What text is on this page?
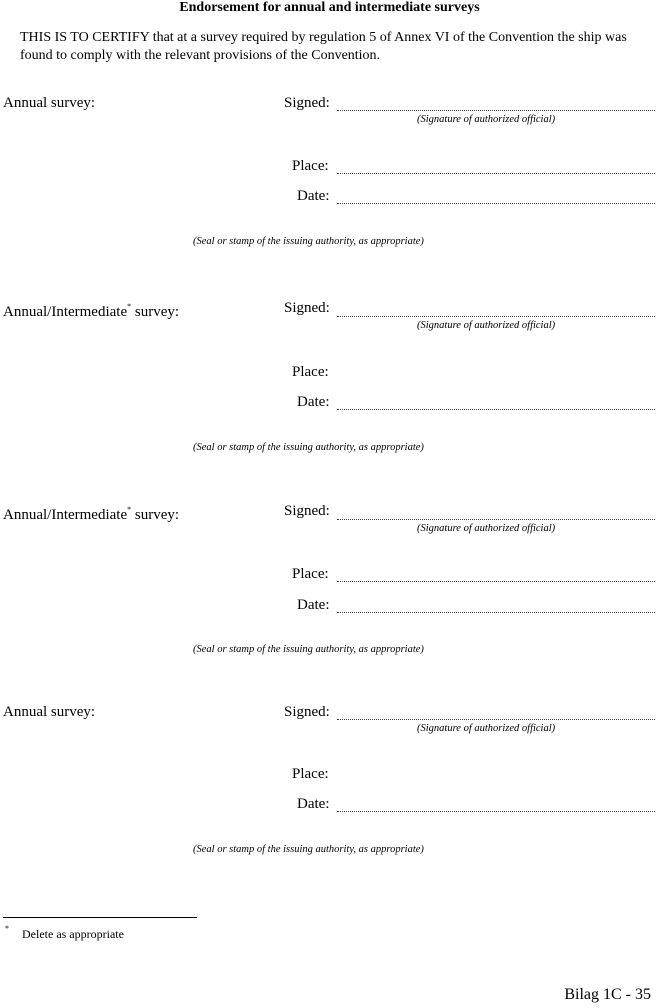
Endorsement for annual and intermediate surveys
THIS IS TO CERTIFY that at a survey required by regulation 5 of Annex VI of the Convention the ship was found to comply with the relevant provisions of the Convention.
Annual survey:	Signed:
(Signature of authorized official)
Place:
Date:
(Seal or stamp of the issuing authority, as appropriate)
Annual/Intermediate* survey:	Signed:
(Signature of authorized official)
Place:
Date:
(Seal or stamp of the issuing authority, as appropriate)
Annual/Intermediate* survey:	Signed:
(Signature of authorized official)
Place:
Date:
(Seal or stamp of the issuing authority, as appropriate)
Annual survey:	Signed:
(Signature of authorized official)
Place:
Date:
(Seal or stamp of the issuing authority, as appropriate)
* Delete as appropriate
Bilag 1C - 35
